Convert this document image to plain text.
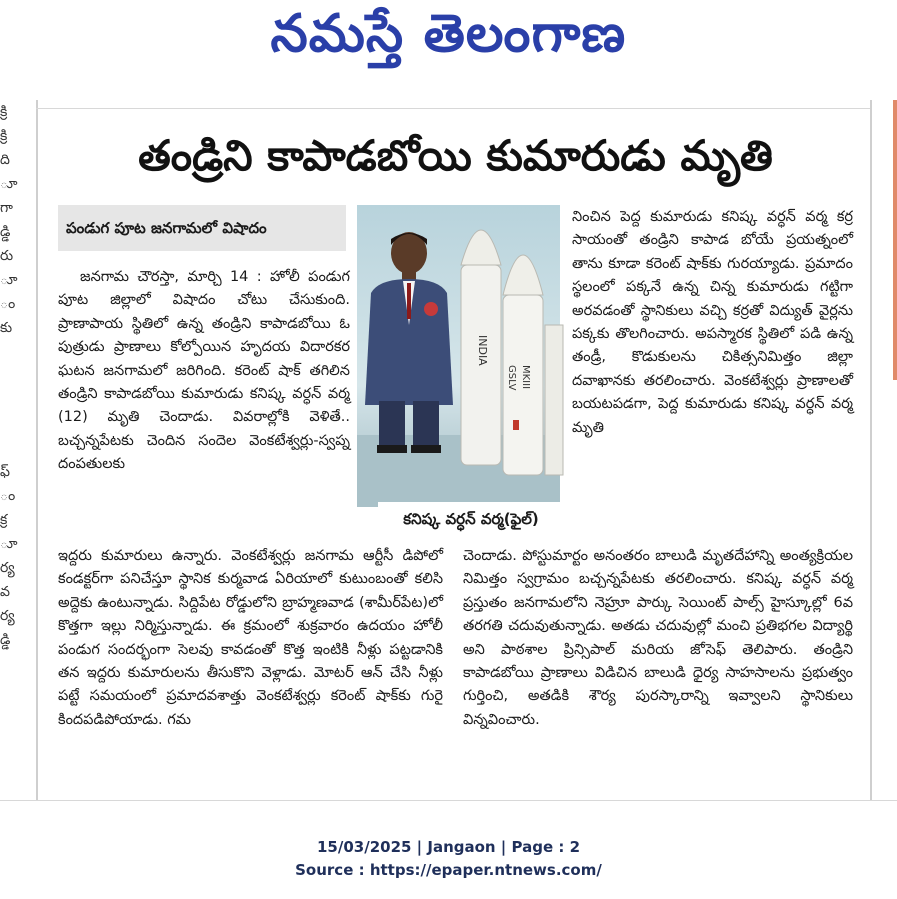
నమస్తే తెలంగాణ
క్రి
క్రి
ది
ూ
గా
డ్డి
రు
ూ
ం
కు

ఫ్
ం
క్ర
ూ
ర్య
వ
ర్య
డ్డి
తండ్రిని కాపాడబోయి కుమారుడు మృతి
పండుగ పూట జనగామలో విషాదం

జనగామ చౌరస్తా, మార్చి 14 : హోలీ పండుగ పూట జిల్లాలో విషాదం చోటు చేసుకుంది. ప్రాణాపాయ స్థితిలో ఉన్న తండ్రిని కాపాడబోయి ఓ పుత్రుడు ప్రాణాలు కోల్పోయిన హృదయ విదారకర ఘటన జనగామలో జరిగింది. కరెంట్ షాక్ తగిలిన తండ్రిని కాపాడబోయి కుమారుడు కనిష్క వర్ధన్ వర్మ (12) మృతి చెందాడు. వివరాల్లోకి వెళితే.. బచ్చన్నపేటకు చెందిన సందెల వెంకటేశ్వర్లు-స్వప్న దంపతులకు

ఇద్దరు కుమారులు ఉన్నారు. వెంకటేశ్వర్లు జనగామ ఆర్టీసీ డిపోలో కండక్టర్‌గా పనిచేస్తూ స్థానిక కుర్మవాడ ఏరియాలో కుటుంబంతో కలిసి అద్దెకు ఉంటున్నాడు. సిద్దిపేట రోడ్డులోని బ్రాహ్మణవాడ (శామీర్‌పేట)లో కొత్తగా ఇల్లు నిర్మిస్తున్నాడు. ఈ క్రమంలో శుక్రవారం ఉదయం హోలీ పండుగ సందర్భంగా సెలవు కావడంతో కొత్త ఇంటికి నీళ్లు పట్టడానికి తన ఇద్దరు కుమారులను తీసుకొని వెళ్లాడు. మోటర్ ఆన్ చేసి నీళ్లు పట్టే సమయంలో ప్రమాదవశాత్తు వెంకటేశ్వర్లు కరెంట్ షాక్‌కు గురై కిందపడిపోయాడు. గమ

నించిన పెద్ద కుమారుడు కనిష్క వర్ధన్ వర్మ కర్ర సాయంతో తండ్రిని కాపాడ బోయే ప్రయత్నంలో తాను కూడా కరెంట్ షాక్‌కు గురయ్యాడు. ప్రమాదం స్థలంలో పక్కనే ఉన్న చిన్న కుమారుడు గట్టిగా అరవడంతో స్థానికులు వచ్చి కర్రతో విద్యుత్ వైర్లను పక్కకు తొలగించారు. అపస్మారక స్థితిలో పడి ఉన్న తండ్రీ, కొడుకులను చికిత్సనిమిత్తం జిల్లా దవాఖానకు తరలించారు. వెంకటేశ్వర్లు ప్రాణాలతో బయటపడగా, పెద్ద కుమారుడు కనిష్క వర్ధన్ వర్మ మృతి

చెందాడు. పోస్టుమార్టం అనంతరం బాలుడి మృతదేహాన్ని అంత్యక్రియల నిమిత్తం స్వగ్రామం బచ్చన్నపేటకు తరలించారు. కనిష్క వర్ధన్ వర్మ ప్రస్తుతం జనగామలోని నెహ్రూ పార్కు సెయింట్ పాల్స్ హైస్కూల్లో 6వ తరగతి చదువుతున్నాడు. అతడు చదువుల్లో మంచి ప్రతిభగల విద్యార్థి అని పాఠశాల ప్రిన్సిపాల్ మరియ జోసెఫ్ తెలిపారు. తండ్రిని కాపాడబోయి ప్రాణాలు విడిచిన బాలుడి ధైర్య సాహసాలను ప్రభుత్వం గుర్తించి, అతడికి శౌర్య పురస్కారాన్ని ఇవ్వాలని స్థానికులు విన్నవించారు.

INDIA
GSLV MKIII
కనిష్క వర్ధన్ వర్మ(ఫైల్)
15/03/2025 | Jangaon | Page : 2
Source : https://epaper.ntnews.com/
